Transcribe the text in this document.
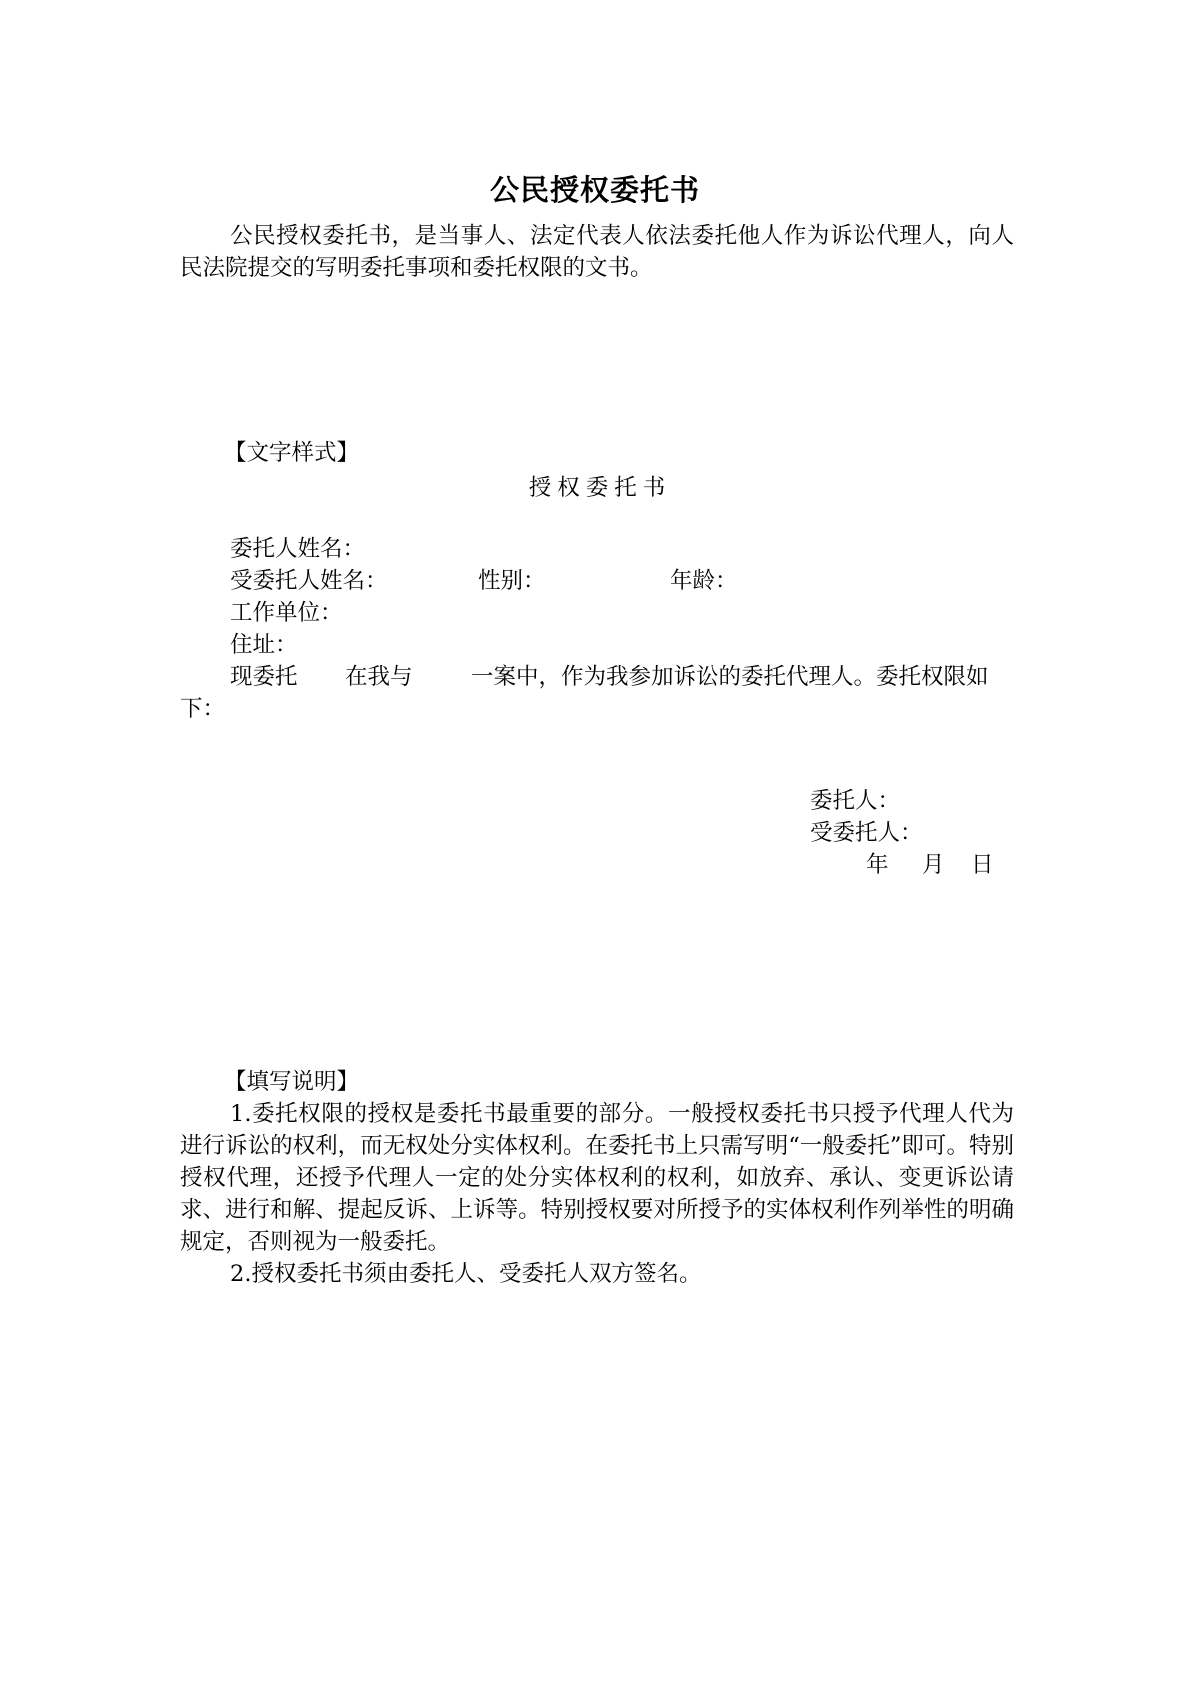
公民授权委托书

公民授权委托书，是当事人、法定代表人依法委托他人作为诉讼代理人，向人民法院提交的写明委托事项和委托权限的文书。

【文字样式】
授权委托书
委托人姓名：
受委托人姓名：	性别：	年龄：
工作单位：
住址：
现委托 在我与	一案中，作为我参加诉讼的委托代理人。委托权限如
下：
委托人：
受委托人：
年 月 日
【填写说明】

1.委托权限的授权是委托书最重要的部分。一般授权委托书只授予代理人代为进行诉讼的权利，而无权处分实体权利。在委托书上只需写明“一般委托”即可。特别授权代理，还授予代理人一定的处分实体权利的权利，如放弃、承认、变更诉讼请求、进行和解、提起反诉、上诉等。特别授权要对所授予的实体权利作列举性的明确规定，否则视为一般委托。

2.授权委托书须由委托人、受委托人双方签名。
